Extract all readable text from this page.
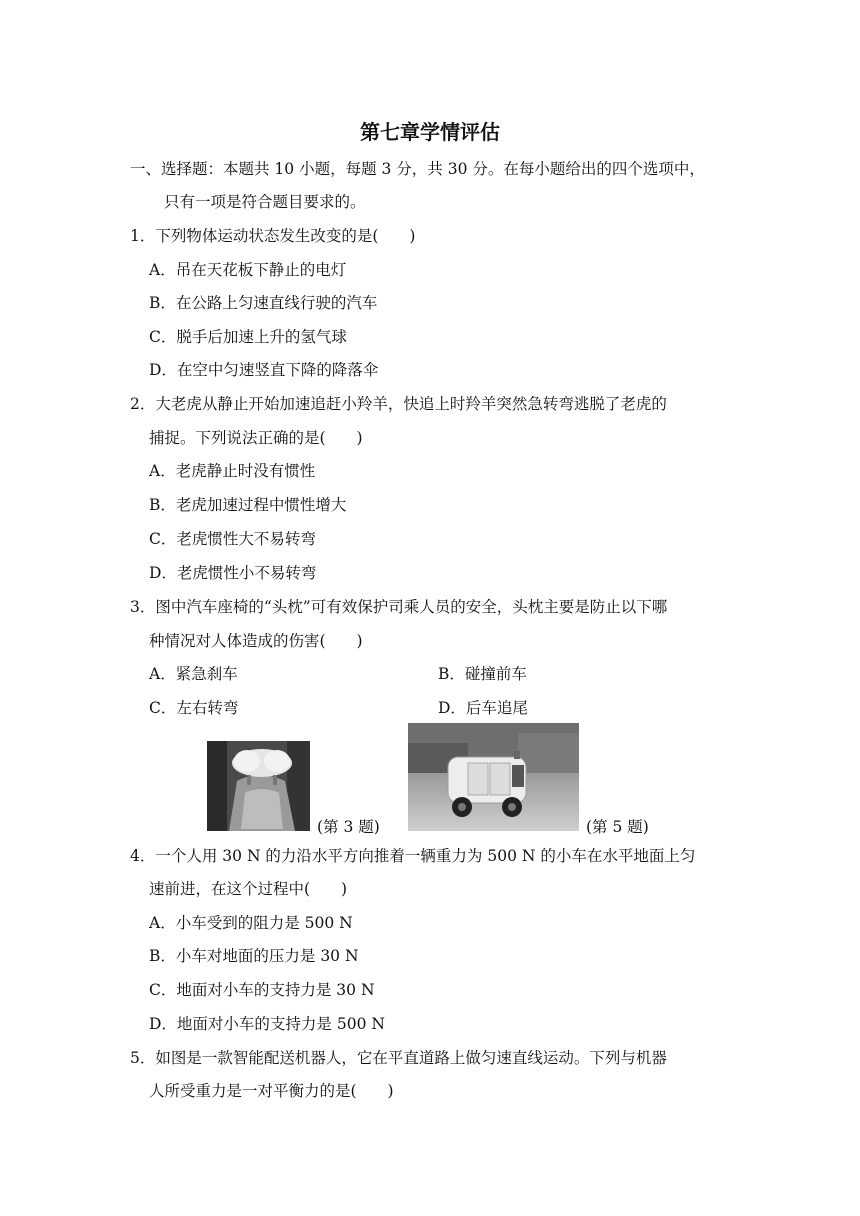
第七章学情评估
一、选择题：本题共 10 小题，每题 3 分，共 30 分。在每小题给出的四个选项中，
只有一项是符合题目要求的。
1．下列物体运动状态发生改变的是(　　)
A．吊在天花板下静止的电灯
B．在公路上匀速直线行驶的汽车
C．脱手后加速上升的氢气球
D．在空中匀速竖直下降的降落伞
2．大老虎从静止开始加速追赶小羚羊，快追上时羚羊突然急转弯逃脱了老虎的
捕捉。下列说法正确的是(　　)
A．老虎静止时没有惯性
B．老虎加速过程中惯性增大
C．老虎惯性大不易转弯
D．老虎惯性小不易转弯
3．图中汽车座椅的“头枕”可有效保护司乘人员的安全，头枕主要是防止以下哪
种情况对人体造成的伤害(　　)
A．紧急刹车	B．碰撞前车
C．左右转弯	D．后车追尾
(第 3 题)	(第 5 题)
4．一个人用 30 N 的力沿水平方向推着一辆重力为 500 N 的小车在水平地面上匀
速前进，在这个过程中(　　)
A．小车受到的阻力是 500 N
B．小车对地面的压力是 30 N
C．地面对小车的支持力是 30 N
D．地面对小车的支持力是 500 N
5．如图是一款智能配送机器人，它在平直道路上做匀速直线运动。下列与机器
人所受重力是一对平衡力的是(　　)
